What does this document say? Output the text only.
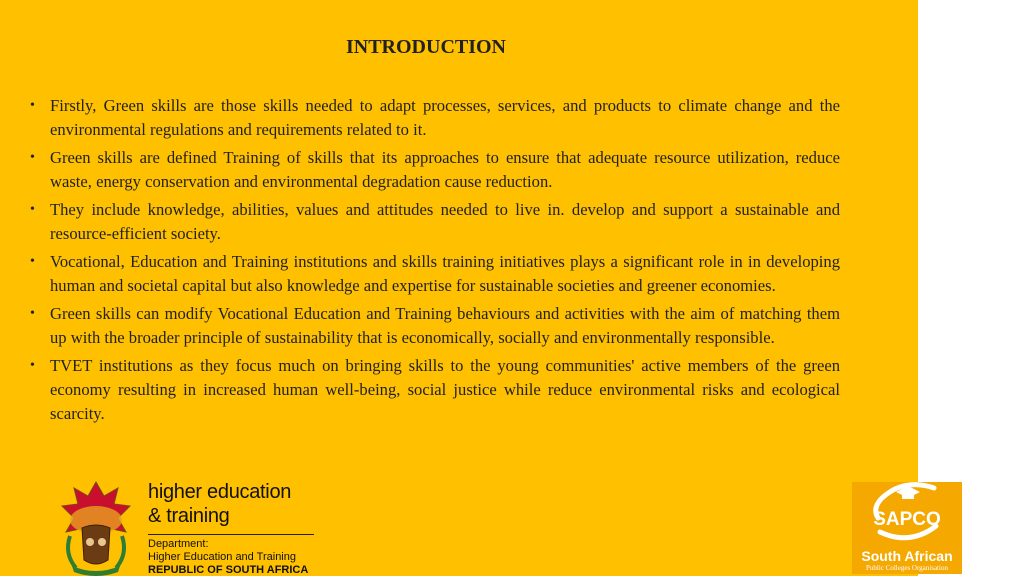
INTRODUCTION
• Firstly, Green skills are those skills needed to adapt processes, services, and products to climate change and the environmental regulations and requirements related to it.
• Green skills are defined Training of skills that its approaches to ensure that adequate resource utilization, reduce waste, energy conservation and environmental degradation cause reduction.
• They include knowledge, abilities, values and attitudes needed to live in. develop and support a sustainable and resource-efficient society.
• Vocational, Education and Training institutions and skills training initiatives plays a significant role in in developing human and societal capital but also knowledge and expertise for sustainable societies and greener economies.
• Green skills can modify Vocational Education and Training behaviours and activities with the aim of matching them up with the broader principle of sustainability that is economically, socially and environmentally responsible.
• TVET institutions as they focus much on bringing skills to the young communities' active members of the green economy resulting in increased human well-being, social justice while reduce environmental risks and ecological scarcity.
higher education
& training
Department:
Higher Education and Training
REPUBLIC OF SOUTH AFRICA
SAPCO
South African
Public Colleges Organisation
